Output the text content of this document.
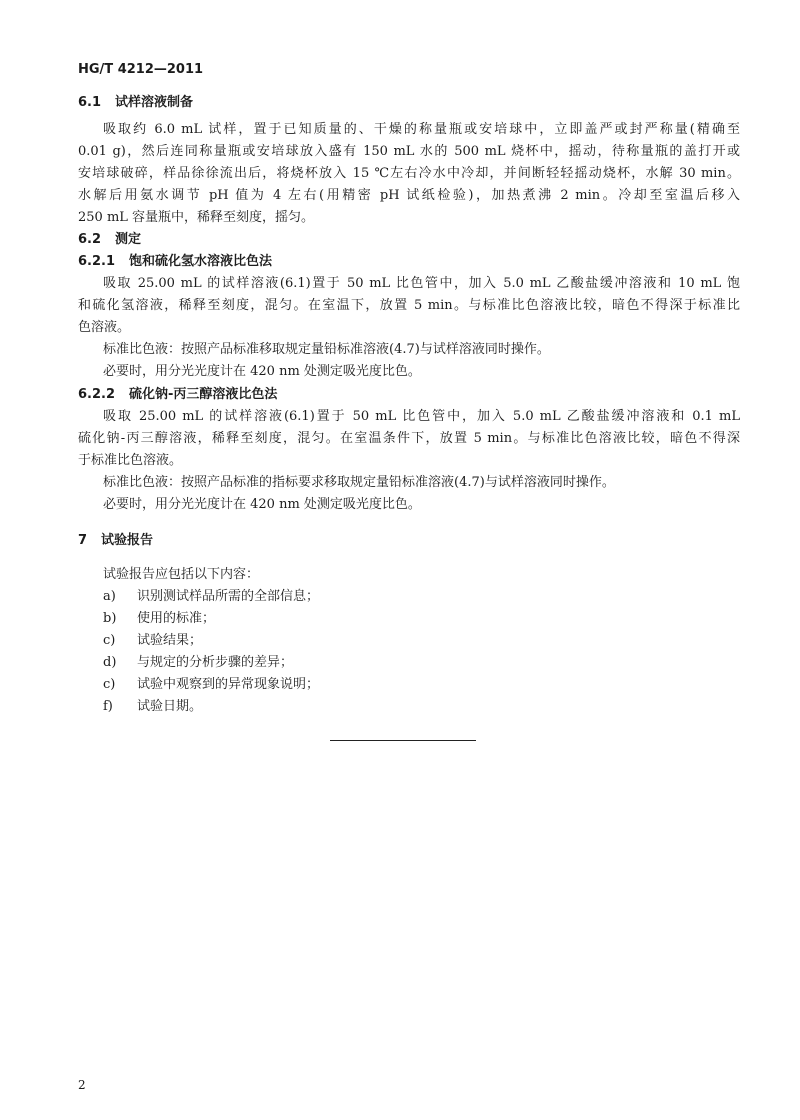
HG/T 4212—2011
6.1 试样溶液制备
吸取约 6.0 mL 试样，置于已知质量的、干燥的称量瓶或安培球中，立即盖严或封严称量(精确至
0.01 g)，然后连同称量瓶或安培球放入盛有 150 mL 水的 500 mL 烧杯中，摇动，待称量瓶的盖打开或
安培球破碎，样品徐徐流出后，将烧杯放入 15 ℃左右冷水中冷却，并间断轻轻摇动烧杯，水解 30 min。
水解后用氨水调节 pH 值为 4 左右(用精密 pH 试纸检验)，加热煮沸 2 min。冷却至室温后移入
250 mL 容量瓶中，稀释至刻度，摇匀。
6.2 测定
6.2.1 饱和硫化氢水溶液比色法
吸取 25.00 mL 的试样溶液(6.1)置于 50 mL 比色管中，加入 5.0 mL 乙酸盐缓冲溶液和 10 mL 饱
和硫化氢溶液，稀释至刻度，混匀。在室温下，放置 5 min。与标准比色溶液比较，暗色不得深于标准比
色溶液。
标准比色液：按照产品标准移取规定量铅标准溶液(4.7)与试样溶液同时操作。
必要时，用分光光度计在 420 nm 处测定吸光度比色。
6.2.2 硫化钠-丙三醇溶液比色法
吸取 25.00 mL 的试样溶液(6.1)置于 50 mL 比色管中，加入 5.0 mL 乙酸盐缓冲溶液和 0.1 mL
硫化钠-丙三醇溶液，稀释至刻度，混匀。在室温条件下，放置 5 min。与标准比色溶液比较，暗色不得深
于标准比色溶液。
标准比色液：按照产品标准的指标要求移取规定量铅标准溶液(4.7)与试样溶液同时操作。
必要时，用分光光度计在 420 nm 处测定吸光度比色。
7 试验报告
试验报告应包括以下内容：
a) 识别测试样品所需的全部信息；
b) 使用的标准；
c) 试验结果；
d) 与规定的分析步骤的差异；
c) 试验中观察到的异常现象说明；
f) 试验日期。
2
